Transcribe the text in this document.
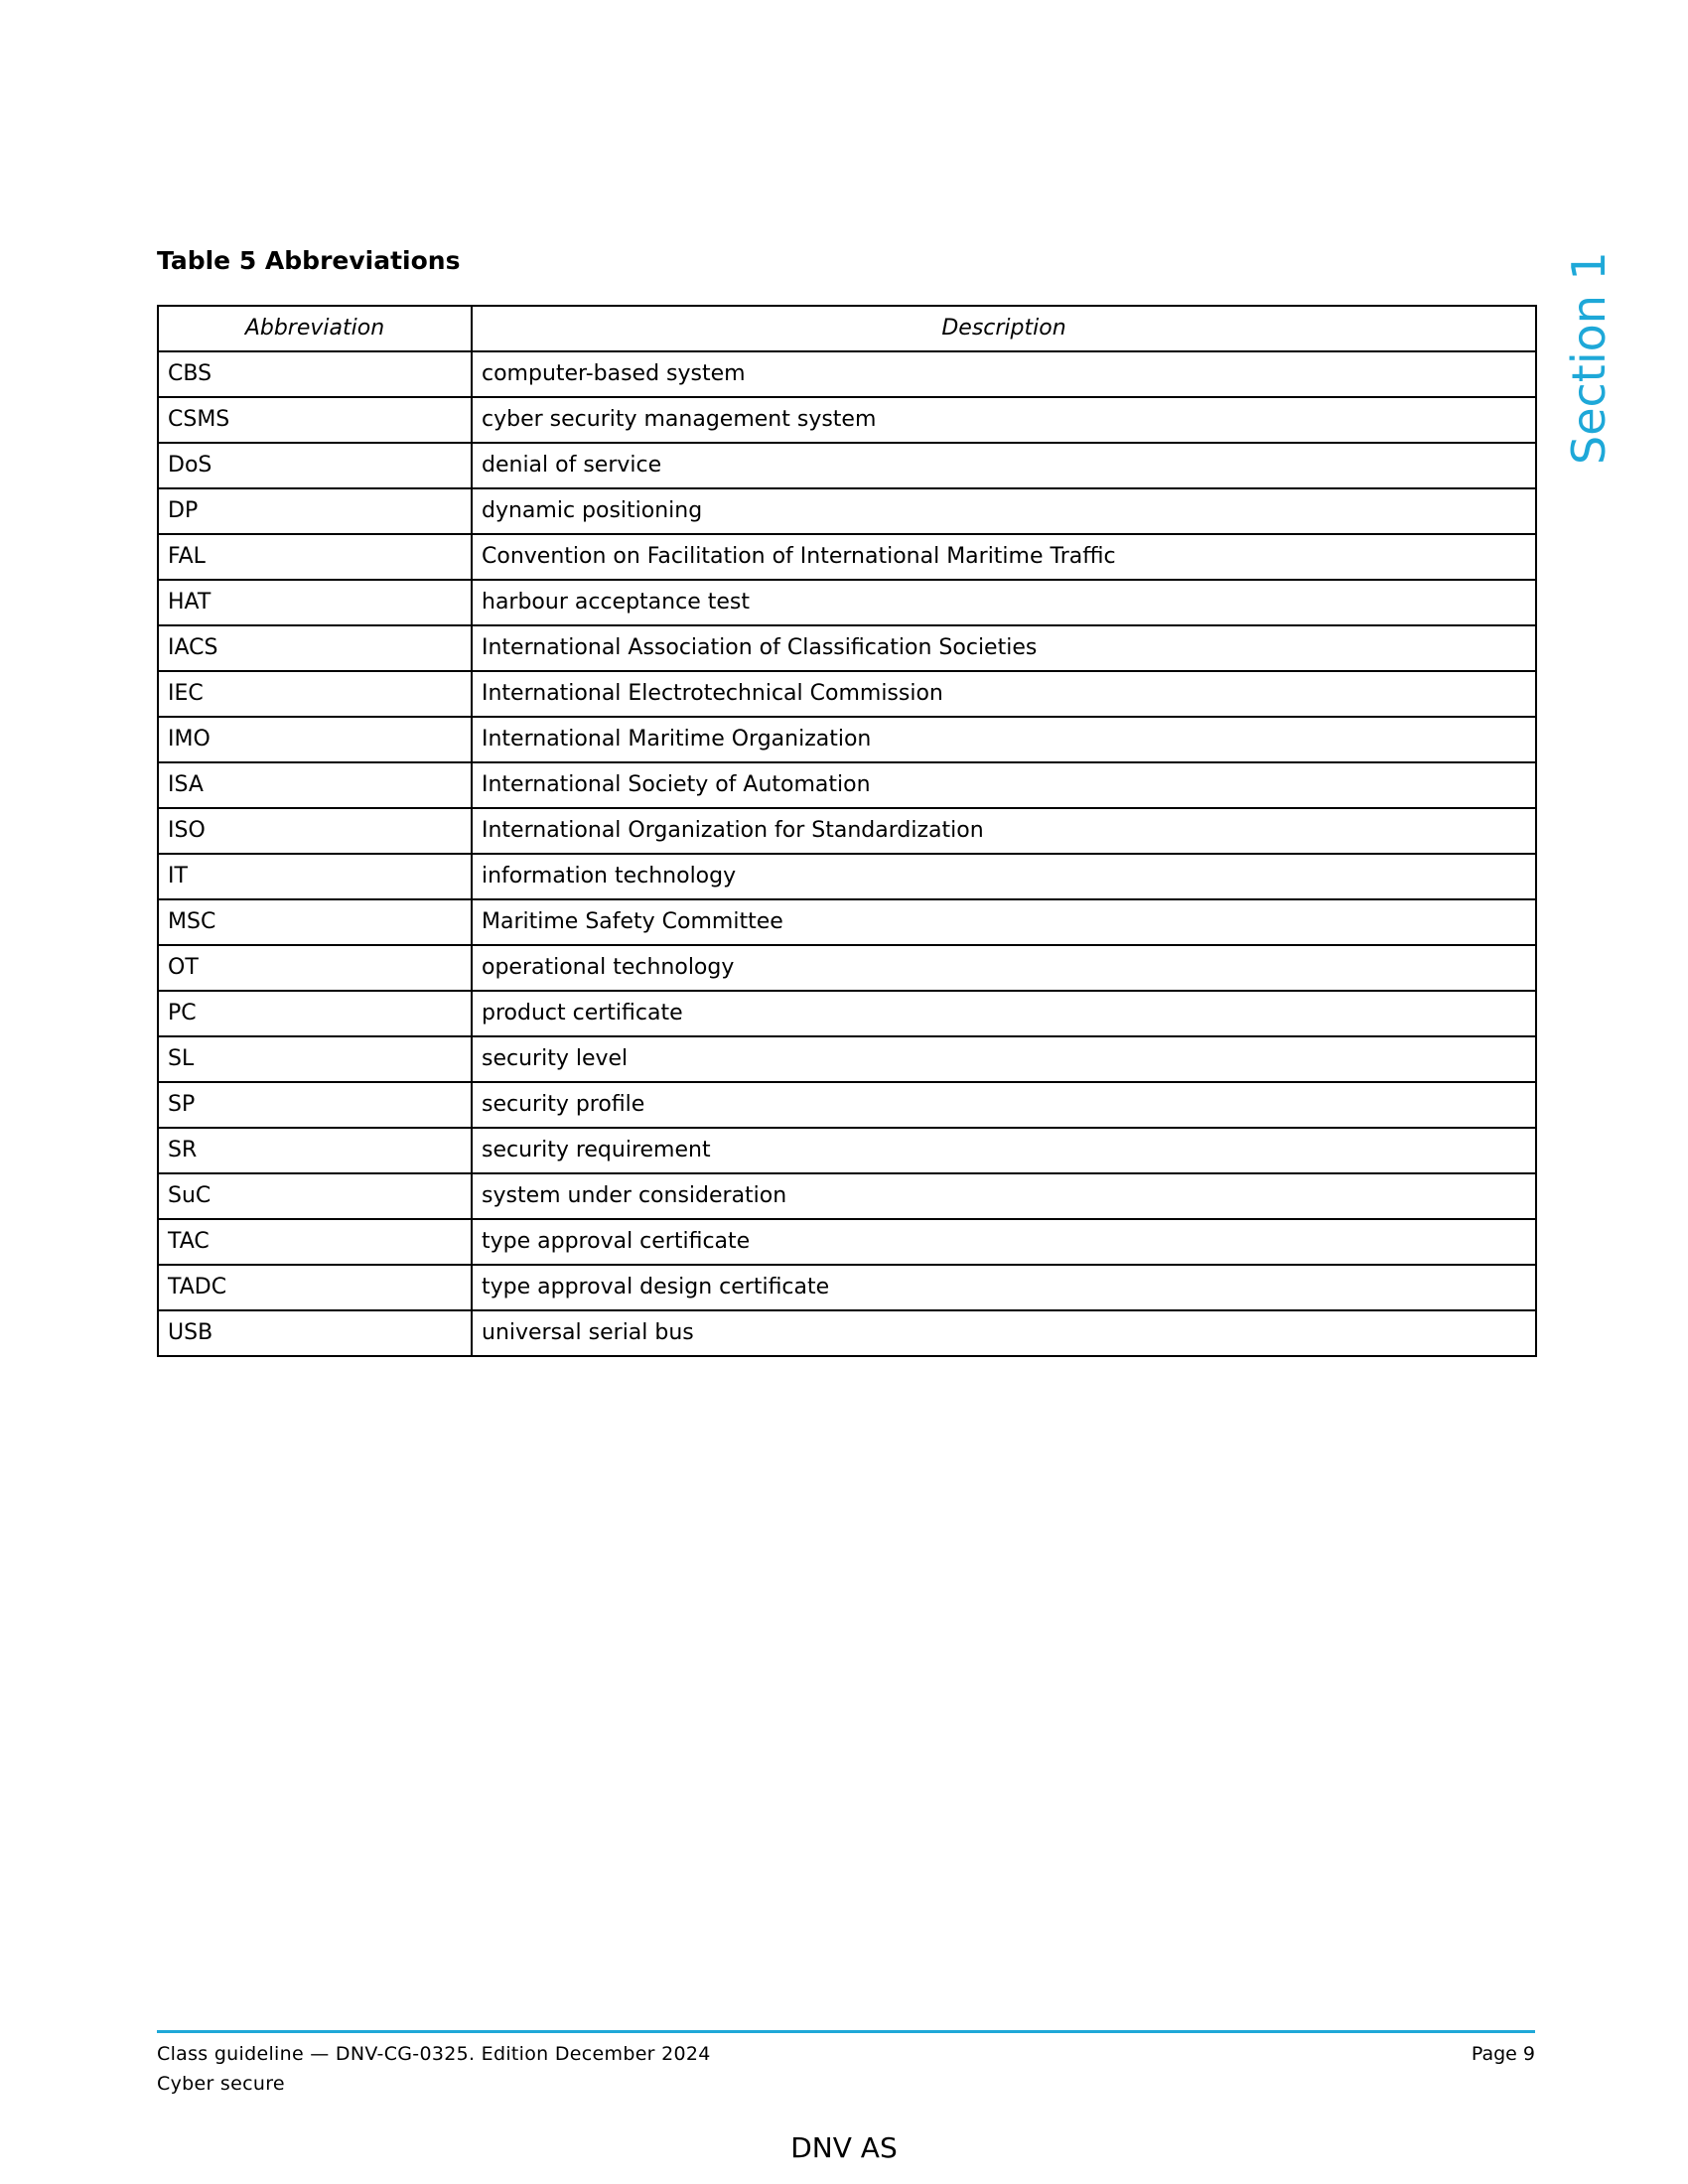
Table 5 Abbreviations
Abbreviation	Description
CBS	computer-based system
CSMS	cyber security management system
DoS	denial of service
DP	dynamic positioning
FAL	Convention on Facilitation of International Maritime Traffic
HAT	harbour acceptance test
IACS	International Association of Classification Societies
IEC	International Electrotechnical Commission
IMO	International Maritime Organization
ISA	International Society of Automation
ISO	International Organization for Standardization
IT	information technology
MSC	Maritime Safety Committee
OT	operational technology
PC	product certificate
SL	security level
SP	security profile
SR	security requirement
SuC	system under consideration
TAC	type approval certificate
TADC	type approval design certificate
USB	universal serial bus
Section 1
Class guideline — DNV-CG-0325. Edition December 2024
Cyber secure
Page 9
DNV AS
